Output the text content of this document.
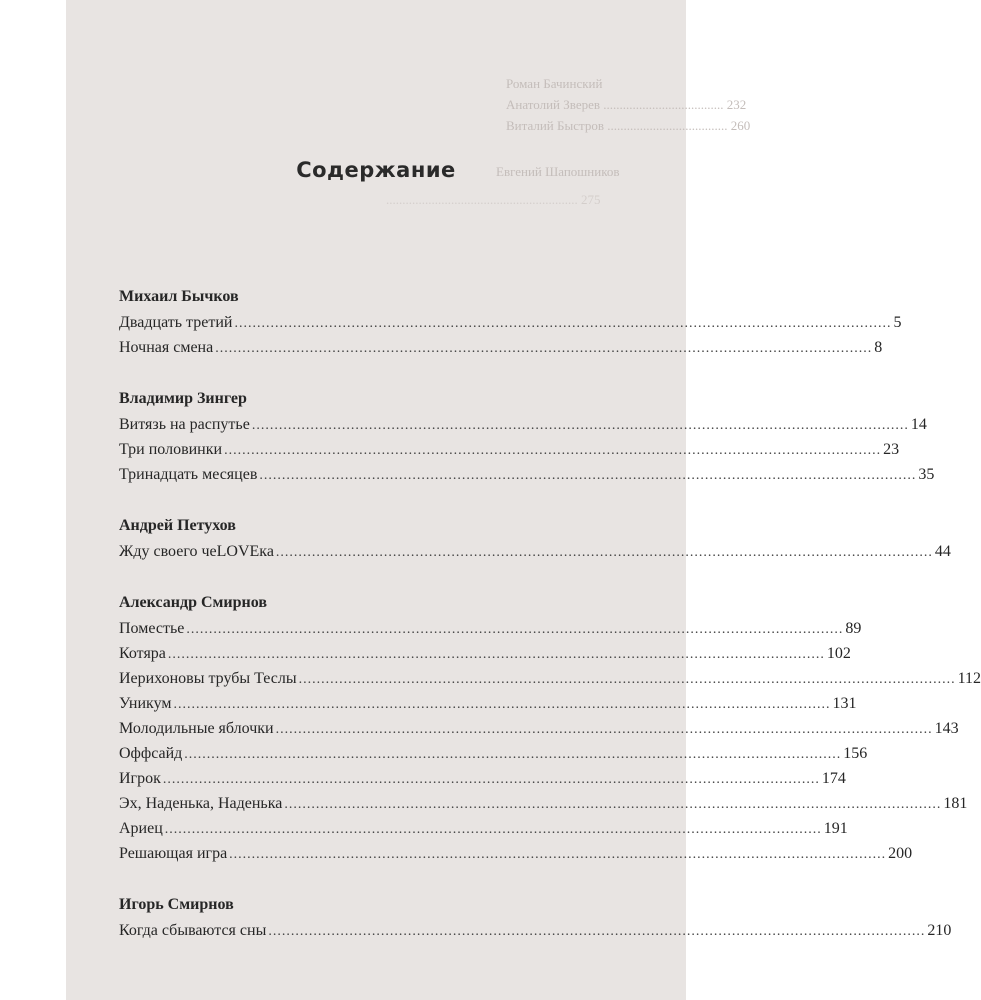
Роман Бачинский
Анатолий Зверев ..................................... 232
Виталий Быстров ..................................... 260
Евгений Шапошников
........................................................... 275
Содержание
Михаил Бычков
Двадцать третий .....	5
Ночная смена .....	8
Владимир Зингер
Витязь на распутье .....	14
Три половинки .....	23
Тринадцать месяцев .....	35
Андрей Петухов
Жду своего чеLOVEка .....	44
Александр Смирнов
Поместье .....	89
Котяра .....	102
Иерихоновы трубы Теслы .....	112
Уникум .....	131
Молодильные яблочки .....	143
Оффсайд .....	156
Игрок .....	174
Эх, Наденька, Наденька .....	181
Ариец .....	191
Решающая игра .....	200
Игорь Смирнов
Когда сбываются сны .....	210
